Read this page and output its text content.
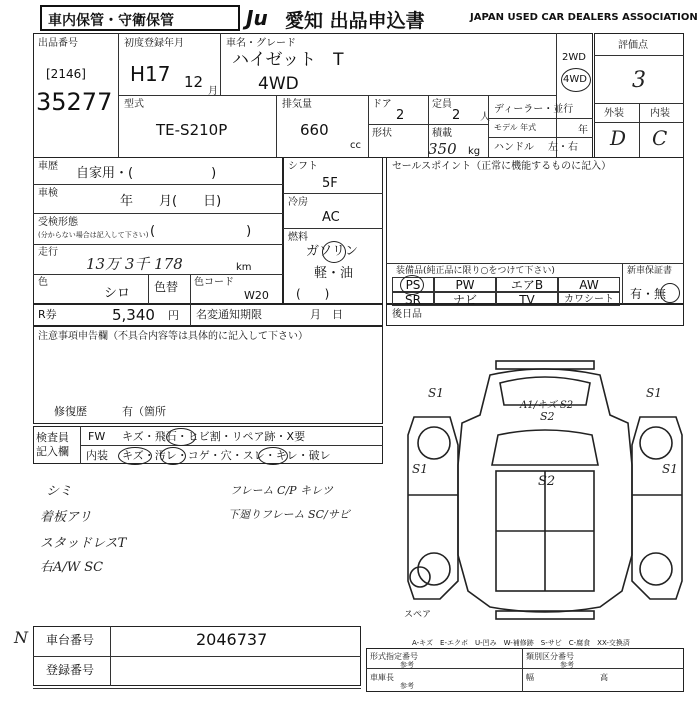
車内保管・守衛保管	Ju 愛知 出品申込書	JAPAN USED CAR DEALERS ASSOCIATION
出品番号
[2146]
35277
初度登録年月
H17 12
月
車名・グレード
ハイゼット　T
4WD
2WD
4WD
評価点
3
外装	内装
D C
型式
TE-S210P
排気量
660
cc
ドア
2
定員
2 人
形状	積載
350 kg
ディーラー・並行
モデル 年式	年
ハンドル 左・右
車歴 自家用・(　　　　　　)
車検
年　　月(　　日)
受検形態
(分からない場合は記入して下さい) (　　　　　　　)
走行
13万 3千 178	km
色
シロ 色替 色コード
W20
シフト
5F
冷房
AC
燃料
ガソリン
軽・油
(　　)
セールスポイント（正常に機能するものに記入）
装備品(純正品に限り○をつけて下さい)	新車保証書
有・無
PS	PW	エアB	AW
SR	ナビ	TV	カワシート
R券	5,340 円 名変通知期限	月　日	後日品
注意事項申告欄（不具合内容等は具体的に記入して下さい）
修復歴	有（箇所
検査員記入欄
FW キズ・飛石・ヒビ割・リペア跡・X要
内装 キズ・汚レ・コゲ・穴・スレ・キレ・破レ
シミ
着板アリ
スタッドレスT
右A/W SC
フレーム C/P キレツ
下廻りフレーム SC/サビ
S1	S1
S1	S1
S2
S2
A1/キズ S2
スペア
A-キズ　E-エクボ　U-凹み　W-補修跡　S-サビ　C-腐食　XX-交換済
車台番号	2046737
登録番号
N
形式指定番号
参考
類別区分番号
参考
車庫長
参考
幅	高
